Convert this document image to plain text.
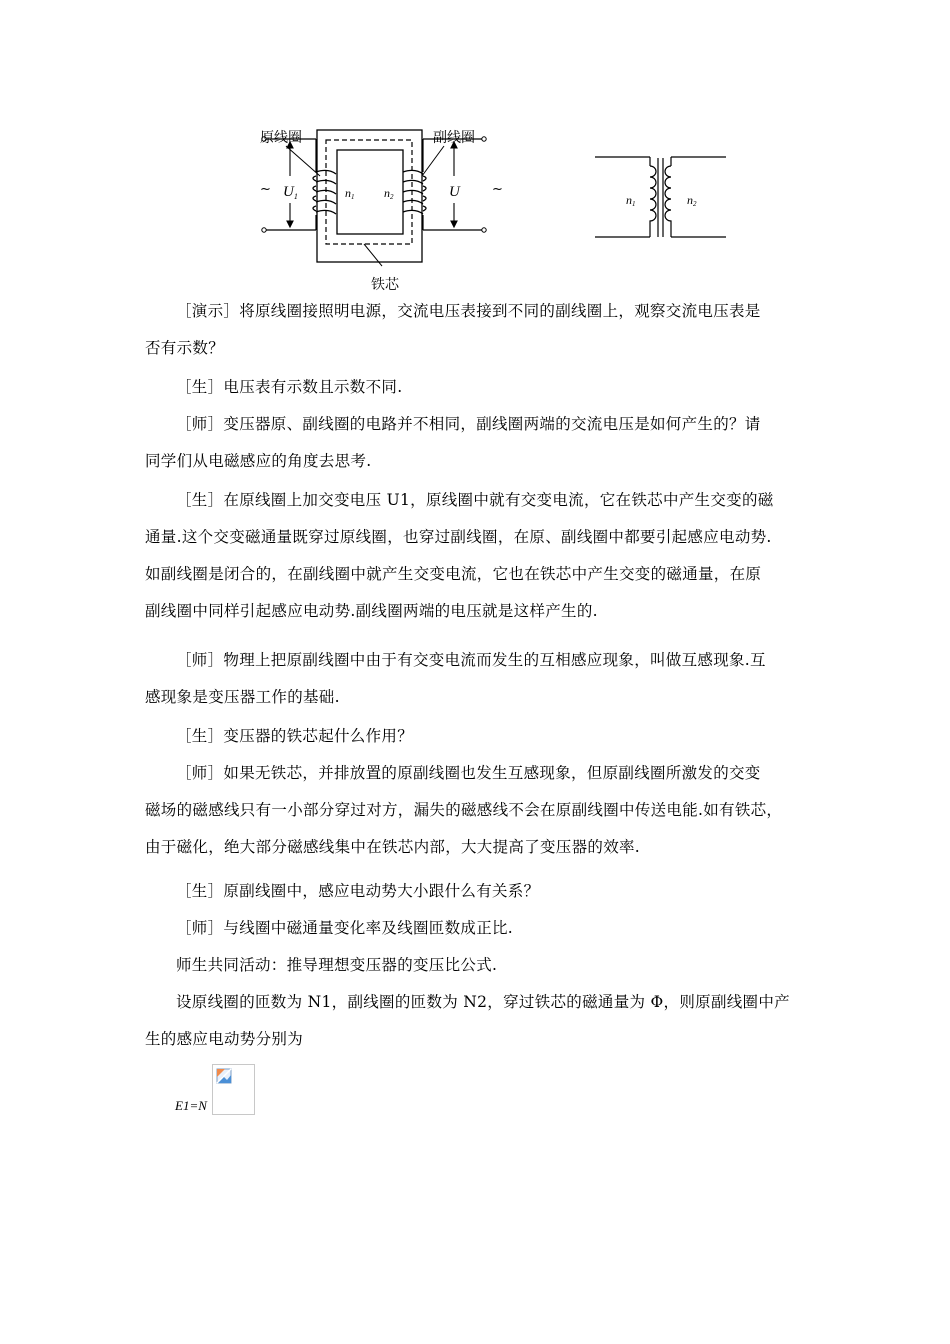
原线圈	副线圈
铁芯
~	~
$U_1$	U
n1 n2	n1	n2
［演示］将原线圈接照明电源，交流电压表接到不同的副线圈上，观察交流电压表是
否有示数？
［生］电压表有示数且示数不同.
［师］变压器原、副线圈的电路并不相同，副线圈两端的交流电压是如何产生的？请
同学们从电磁感应的角度去思考.
［生］在原线圈上加交变电压 U1，原线圈中就有交变电流，它在铁芯中产生交变的磁
通量.这个交变磁通量既穿过原线圈，也穿过副线圈，在原、副线圈中都要引起感应电动势.
如副线圈是闭合的，在副线圈中就产生交变电流，它也在铁芯中产生交变的磁通量，在原
副线圈中同样引起感应电动势.副线圈两端的电压就是这样产生的.
［师］物理上把原副线圈中由于有交变电流而发生的互相感应现象，叫做互感现象.互
感现象是变压器工作的基础.
［生］变压器的铁芯起什么作用？
［师］如果无铁芯，并排放置的原副线圈也发生互感现象，但原副线圈所激发的交变
磁场的磁感线只有一小部分穿过对方，漏失的磁感线不会在原副线圈中传送电能.如有铁芯，
由于磁化，绝大部分磁感线集中在铁芯内部，大大提高了变压器的效率.
［生］原副线圈中，感应电动势大小跟什么有关系？
［师］与线圈中磁通量变化率及线圈匝数成正比.
师生共同活动：推导理想变压器的变压比公式.
设原线圈的匝数为 N1，副线圈的匝数为 N2，穿过铁芯的磁通量为 Φ，则原副线圈中产
生的感应电动势分别为
E1=N
